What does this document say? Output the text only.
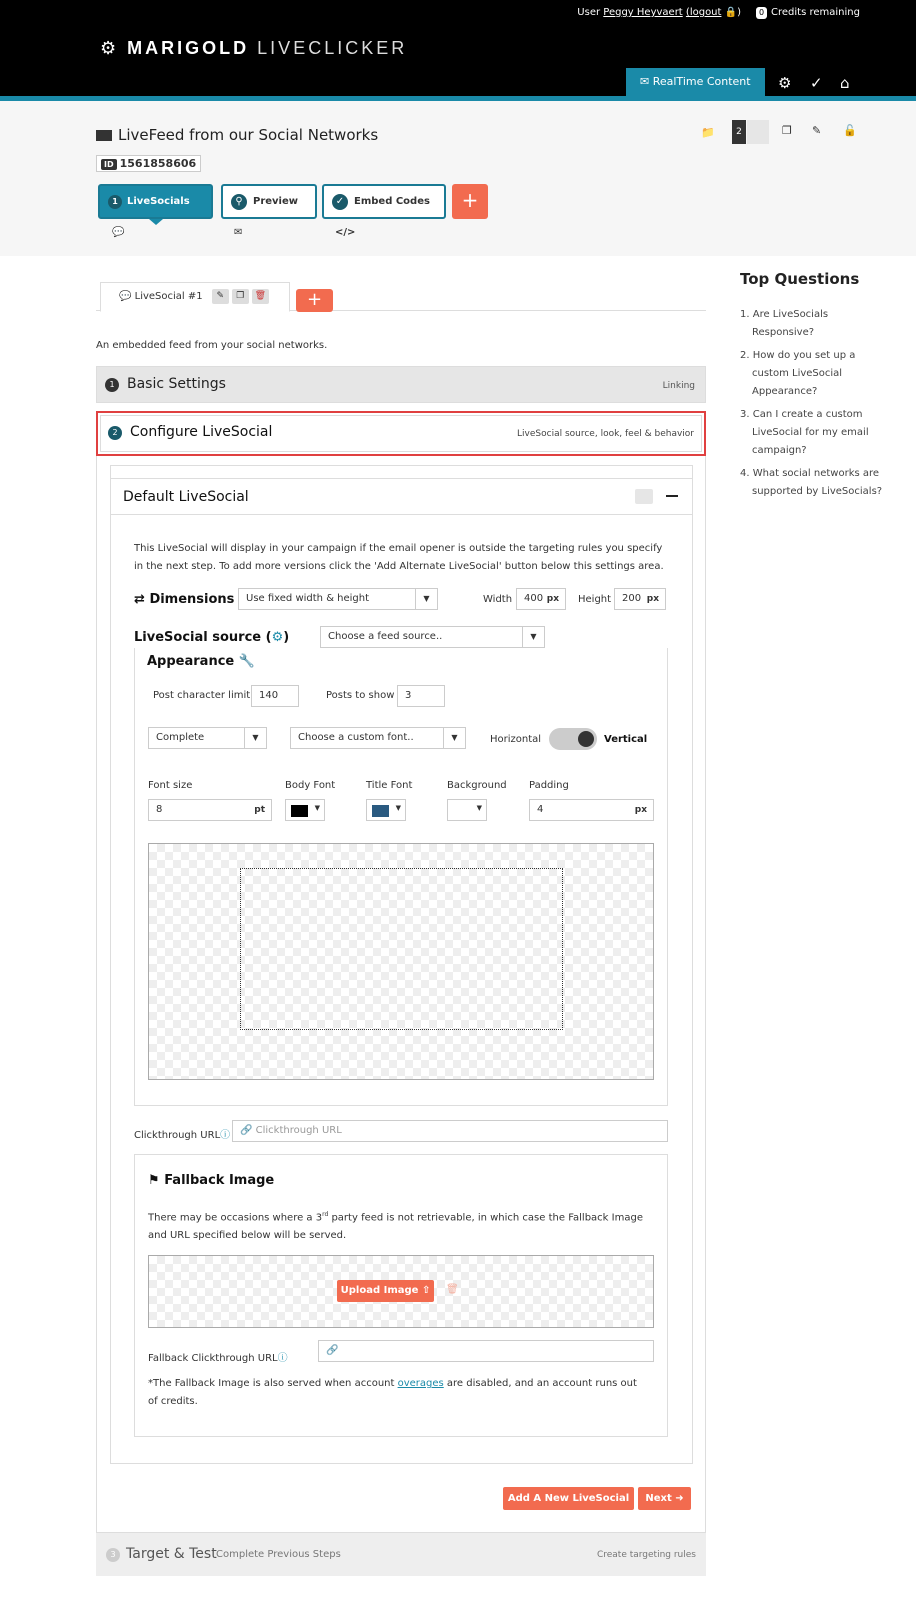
User Peggy Heyvaert (logout 🔒)	0 Credits remaining
⚙ MARIGOLD LIVECLICKER
✉ RealTime Content	⚙ ✓ ⌂
LiveFeed from our Social Networks
ID 1561858606
📁	2	❐ ✎ 🔓
1 LiveSocials 💬
⚲ Preview ✉
✓ Embed Codes </>
+
Top Questions
1. Are LiveSocials Responsive?
2. How do you set up a custom LiveSocial Appearance?
3. Can I create a custom LiveSocial for my email campaign?
4. What social networks are supported by LiveSocials?
💬 LiveSocial #1 ✎ ❐ 🗑	+
An embedded feed from your social networks.
1 Basic Settings	Linking
2 Configure LiveSocial	LiveSocial source, look, feel & behavior
Default LiveSocial
This LiveSocial will display in your campaign if the email opener is outside the targeting rules you specify in the next step. To add more versions click the 'Add Alternate LiveSocial' button below this settings area.
⇄ Dimensions	Use fixed width & height	▼	Width	400 px Height	200 px
LiveSocial source (⚙)	Choose a feed source..	▼
Appearance 🔧
Post character limit 140	Posts to show	3
Complete	▼	Choose a custom font..	▼	Horizontal	Vertical
Font size	Body Font	Title Font	Background Padding
8	pt	▼	▼	▼	4	px
Clickthrough URLⓘ 🔗 Clickthrough URL
⚑ Fallback Image
There may be occasions where a 3rd party feed is not retrievable, in which case the Fallback Image and URL specified below will be served.
Upload Image ⇧	🗑
Fallback Clickthrough URLⓘ
🔗
*The Fallback Image is also served when account overages are disabled, and an account runs out of credits.
Add A New LiveSocial +
Next ➜
3 Target & Test Complete Previous Steps	Create targeting rules
